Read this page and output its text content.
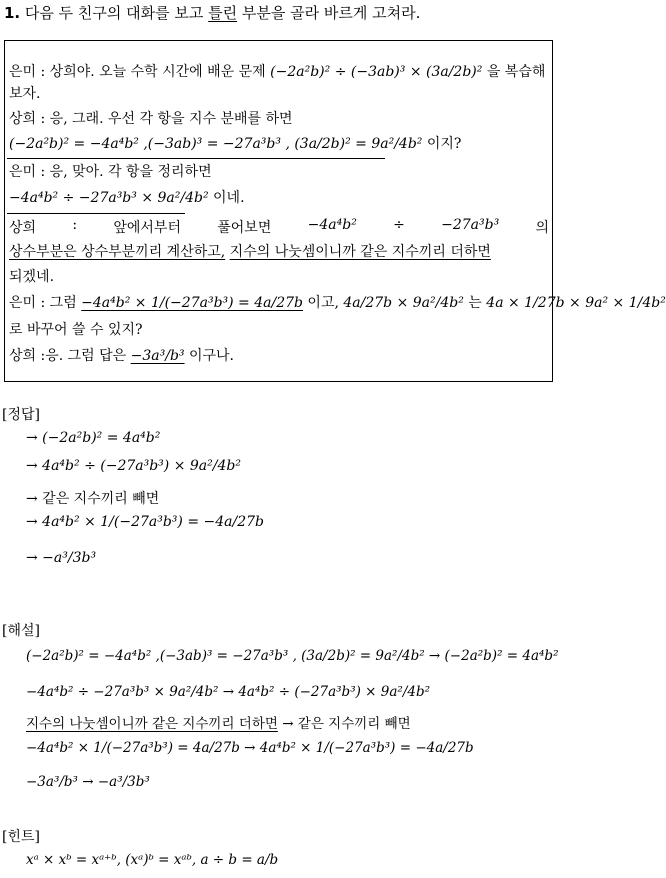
1. 다음 두 친구의 대화를 보고 틀린 부분을 골라 바르게 고쳐라.
은미 : 상희야. 오늘 수학 시간에 배운 문제 (−2a²b)² ÷ (−3ab)³ × (3a/2b)² 을 복습해
보자.
상희 : 응, 그래. 우선 각 항을 지수 분배를 하면
(−2a²b)² = −4a⁴b² ,(−3ab)³ = −27a³b³ , (3a/2b)² = 9a²/4b² 이지?
은미 : 응, 맞아. 각 항을 정리하면
−4a⁴b² ÷ −27a³b³ × 9a²/4b² 이네.
상희	:	앞에서부터	풀어보면	−4a⁴b²	÷	−27a³b³	의
상수부분은 상수부분끼리 계산하고, 지수의 나눗셈이니까 같은 지수끼리 더하면
되겠네.
은미 : 그럼 −4a⁴b² × 1/(−27a³b³) = 4a/27b 이고, 4a/27b × 9a²/4b² 는 4a × 1/27b × 9a² × 1/4b²
로 바꾸어 쓸 수 있지?
상희 :응. 그럼 답은 −3a³/b³ 이구나.
[정답]
→ (−2a²b)² = 4a⁴b²
→ 4a⁴b² ÷ (−27a³b³) × 9a²/4b²
→ 같은 지수끼리 빼면
→ 4a⁴b² × 1/(−27a³b³) = −4a/27b
→ −a³/3b³
[해설]
(−2a²b)² = −4a⁴b² ,(−3ab)³ = −27a³b³ , (3a/2b)² = 9a²/4b² → (−2a²b)² = 4a⁴b²
−4a⁴b² ÷ −27a³b³ × 9a²/4b² → 4a⁴b² ÷ (−27a³b³) × 9a²/4b²
지수의 나눗셈이니까 같은 지수끼리 더하면 → 같은 지수끼리 빼면
−4a⁴b² × 1/(−27a³b³) = 4a/27b → 4a⁴b² × 1/(−27a³b³) = −4a/27b
−3a³/b³ → −a³/3b³
[힌트]
xᵃ × xᵇ = xᵃ⁺ᵇ, (xᵃ)ᵇ = xᵃᵇ, a ÷ b = a/b
